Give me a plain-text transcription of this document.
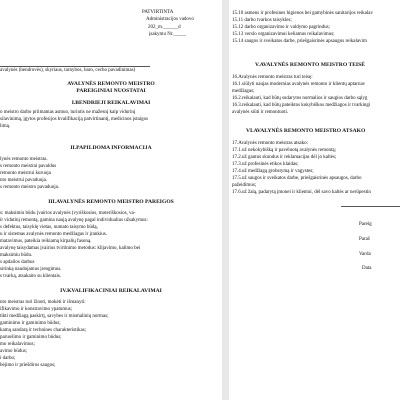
PATVIRTINTA
Administracijos vadovo
202_m.______d
įsakymu Nr._____
avalynės (bendrovės), skyriaus, tarnybos, baro, cecho pavadinimas)
AVALYNĖS REMONTO MEISTRO
PAREIGINIAI NUOSTATAI
I.BENDRIEJI REIKALAVIMAI
o meistro darbo priimamas asmuo, turintis ne mažesnį kaip vidurinį
silavinimą, įgytos profesijos kvalifikaciją patvirtinantį, medicinos įstaigos
limą.
II.PAPILDOMA INFORMACIJA
lynės remonto meistras.
s remonto meistrai pavaldus
remonto meistrui kuruoja
nto meistrui pavaduoja.
s remonto meistro pavaduoja.
III.AVALYNĖS REMONTO MEISTRO PAREIGOS
s: maksimiu būdu įvairios avalynės (vyriškosios, moteriškosios, va-
ir vidutinį remontą, gamina naują avalynę pagal individualius užsakymus:
s defektus, taisyklę vietas, numato taisymo būdą,
u ir sistemas avalynės remonto medžiagas ir įrankius.
matavimus, pateikia reikiamą kirpalių fasoną.
avalynę taisydamas įvairius tvirtinimo metodus: klijavimo, kalimo bei
maksimiu būdu.
s apdailos darbus
sirinką naudojamus įrengimus.
s tvarką, atsakaito su klientais.
IV.KVALIFIKACINIAI REIKALAVIMAI
nto meistras turi žinoti, mokėti ir išmanyti:
ifikavimo ir konstravimo ypatumus;
tikti medžiagą paskirtį, savybes ir mismalinių normas;
gaminimo ir gaminimo būdus;
kamų sandarą ir technines charakteristikas;
paruošimo ir gaminimo būdus;
mo reikalavimus;
avimo būdus;
i darbo;
bėjimo ir priešdiros saugos;
15.10 asmens ir profesines higienos bei gamybinės sanitarijos reikalav
15.11 darbo tvarkos taisykles;
15.12 darbo organizavimo ir valdymo pagrindus;
15.13 verslo organizavimui keliamus reikalavimus;
15.14 saugos ir sveikatos darbe, priešgaisrinės apsaugos reikalavim
V.AVALYNĖS REMONTO MEISTRO TEISĖ
16.Avalynės remonto meistras turi teisę:
16.1.siūlyti naujas modernias avalynės remonto ir klientų aptarnav
medžiagas;
16.2.reikalauti, kad būtų sudarytos normalios ir saugios darbo sąlyg
16.3.reikalauti, kad būtų pateiktos kokybiškos medžiagos ir tvarkingi
avalynės siūti ir remontuoti.
VI.AVALYNĖS REMONTO MEISTRO ATSAKO
17.Avalynės remonto meistras atsako:
17.1.už nekokybišką ir pavėluotą avalynės remontą;
17.2.už gautus skundus ir reklamacijas dėl jo kaltės;
17.3.už profesinės etikos klaidas;
17.4.už medžiagą grobstymą ir vagystes;
17.5.už saugos ir sveikatos darbe, priešgaisrinės apsaugos, darbo
pažeidimus;
17.6.už žalą, padarytą įmonei ir klientui, dėl savo kaltės ar nerūpestin
Pareig
Paraš
Varda
Data
